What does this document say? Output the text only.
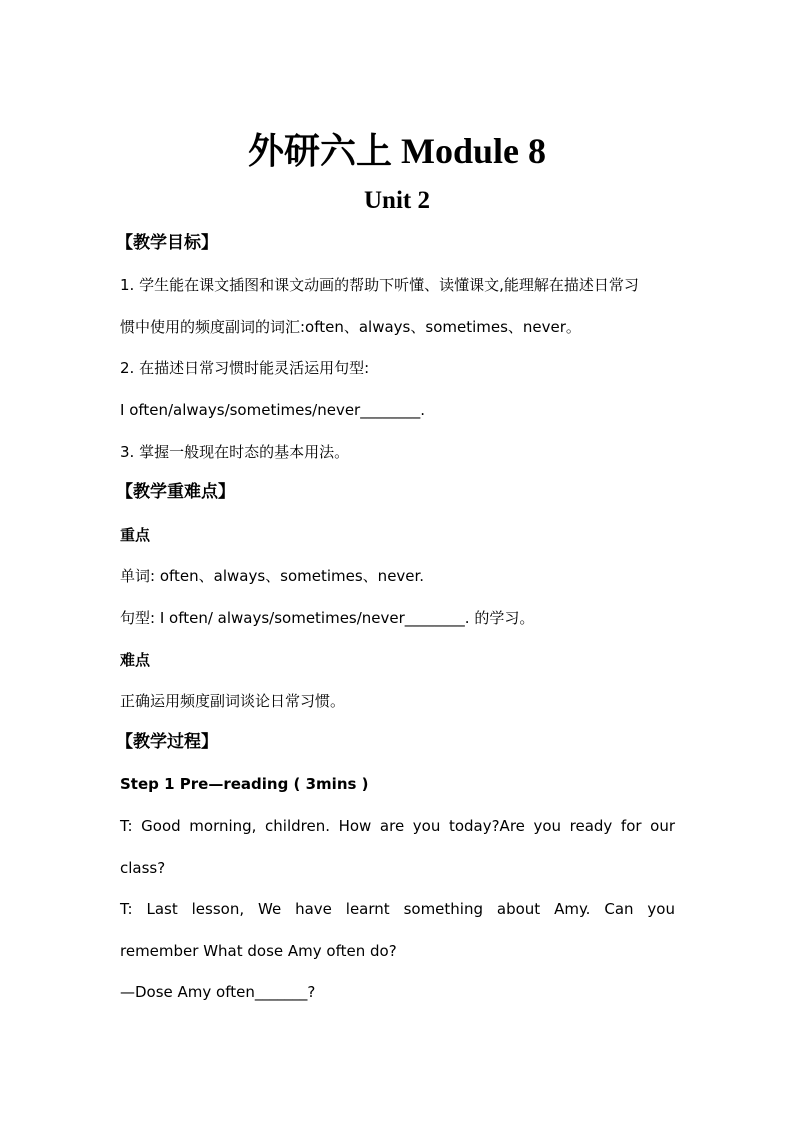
外研六上 Module 8
Unit 2
【教学目标】
1. 学生能在课文插图和课文动画的帮助下听懂、读懂课文,能理解在描述日常习
惯中使用的频度副词的词汇:often、always、sometimes、never。
2. 在描述日常习惯时能灵活运用句型:
I often/always/sometimes/never________.
3. 掌握一般现在时态的基本用法。
【教学重难点】
重点
单词: often、always、sometimes、never.
句型: I often/ always/sometimes/never________. 的学习。
难点
正确运用频度副词谈论日常习惯。
【教学过程】
Step 1 Pre—reading ( 3mins )
T: Good morning, children. How are you today?Are you ready for our
class?
T: Last lesson, We have learnt something about Amy. Can you
remember What dose Amy often do?
—Dose Amy often_______?
